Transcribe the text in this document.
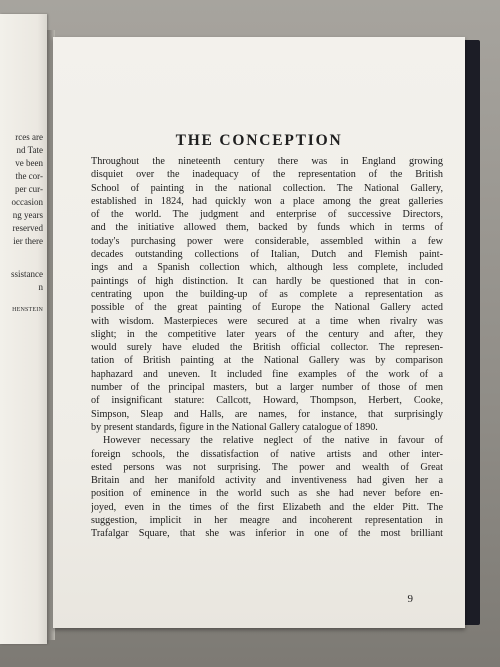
rces are
nd Tate
ve been
the cor-
per cur-
occasion
ng years
reserved
ier there
ssistance
n
HENSTEIN
THE CONCEPTION
Throughout the nineteenth century there was in England growing
disquiet over the inadequacy of the representation of the British
School of painting in the national collection. The National Gallery,
established in 1824, had quickly won a place among the great galleries
of the world. The judgment and enterprise of successive Directors,
and the initiative allowed them, backed by funds which in terms of
today's purchasing power were considerable, assembled within a few
decades outstanding collections of Italian, Dutch and Flemish paint-
ings and a Spanish collection which, although less complete, included
paintings of high distinction. It can hardly be questioned that in con-
centrating upon the building-up of as complete a representation as
possible of the great painting of Europe the National Gallery acted
with wisdom. Masterpieces were secured at a time when rivalry was
slight; in the competitive later years of the century and after, they
would surely have eluded the British official collector. The represen-
tation of British painting at the National Gallery was by comparison
haphazard and uneven. It included fine examples of the work of a
number of the principal masters, but a larger number of those of men
of insignificant stature: Callcott, Howard, Thompson, Herbert, Cooke,
Simpson, Sleap and Halls, are names, for instance, that surprisingly
by present standards, figure in the National Gallery catalogue of 1890.
However necessary the relative neglect of the native in favour of
foreign schools, the dissatisfaction of native artists and other inter-
ested persons was not surprising. The power and wealth of Great
Britain and her manifold activity and inventiveness had given her a
position of eminence in the world such as she had never before en-
joyed, even in the times of the first Elizabeth and the elder Pitt. The
suggestion, implicit in her meagre and incoherent representation in
Trafalgar Square, that she was inferior in one of the most brilliant
9
